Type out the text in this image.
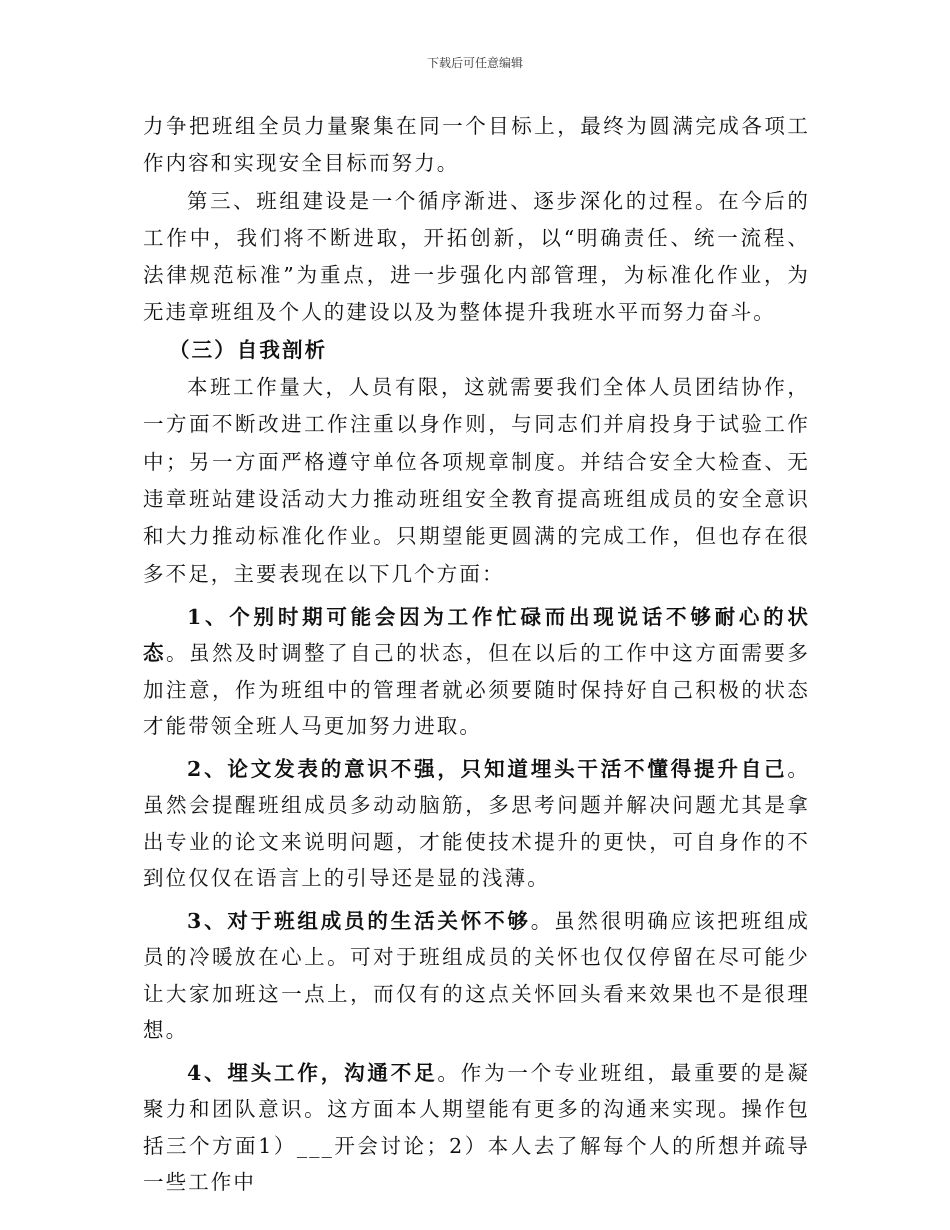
下载后可任意编辑

力争把班组全员力量聚集在同一个目标上，最终为圆满完成各项工作内容和实现安全目标而努力。

第三、班组建设是一个循序渐进、逐步深化的过程。在今后的工作中，我们将不断进取，开拓创新，以“明确责任、统一流程、法律规范标准”为重点，进一步强化内部管理，为标准化作业，为无违章班组及个人的建设以及为整体提升我班水平而努力奋斗。

（三）自我剖析

本班工作量大，人员有限，这就需要我们全体人员团结协作，一方面不断改进工作注重以身作则，与同志们并肩投身于试验工作中；另一方面严格遵守单位各项规章制度。并结合安全大检查、无违章班站建设活动大力推动班组安全教育提高班组成员的安全意识和大力推动标准化作业。只期望能更圆满的完成工作，但也存在很多不足，主要表现在以下几个方面：

1、个别时期可能会因为工作忙碌而出现说话不够耐心的状态。虽然及时调整了自己的状态，但在以后的工作中这方面需要多加注意，作为班组中的管理者就必须要随时保持好自己积极的状态才能带领全班人马更加努力进取。

2、论文发表的意识不强，只知道埋头干活不懂得提升自己。虽然会提醒班组成员多动动脑筋，多思考问题并解决问题尤其是拿出专业的论文来说明问题，才能使技术提升的更快，可自身作的不到位仅仅在语言上的引导还是显的浅薄。

3、对于班组成员的生活关怀不够。虽然很明确应该把班组成员的冷暖放在心上。可对于班组成员的关怀也仅仅停留在尽可能少让大家加班这一点上，而仅有的这点关怀回头看来效果也不是很理想。

4、埋头工作，沟通不足。作为一个专业班组，最重要的是凝聚力和团队意识。这方面本人期望能有更多的沟通来实现。操作包括三个方面1）___开会讨论；2）本人去了解每个人的所想并疏导一些工作中
